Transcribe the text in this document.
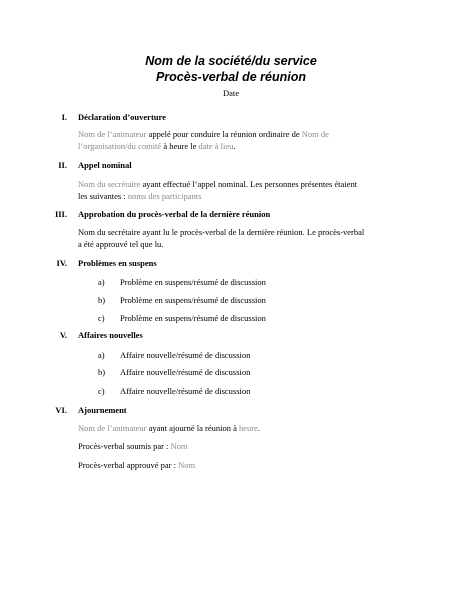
Nom de la société/du service
Procès-verbal de réunion
Date
I. Déclaration d’ouverture
Nom de l’animateur appelé pour conduire la réunion ordinaire de Nom de
l’organisation/du comité à heure le date à lieu.
II. Appel nominal
Nom du secrétaire ayant effectué l’appel nominal. Les personnes présentes étaient
les suivantes : noms des participants
III. Approbation du procès-verbal de la dernière réunion
Nom du secrétaire ayant lu le procès-verbal de la dernière réunion. Le procès-verbal
a été approuvé tel que lu.
IV. Problèmes en suspens
a) Problème en suspens/résumé de discussion
b) Problème en suspens/résumé de discussion
c) Problème en suspens/résumé de discussion
V. Affaires nouvelles
a) Affaire nouvelle/résumé de discussion
b) Affaire nouvelle/résumé de discussion
c) Affaire nouvelle/résumé de discussion
VI. Ajournement
Nom de l’animateur ayant ajourné la réunion à heure.
Procès-verbal soumis par : Nom
Procès-verbal approuvé par : Nom
